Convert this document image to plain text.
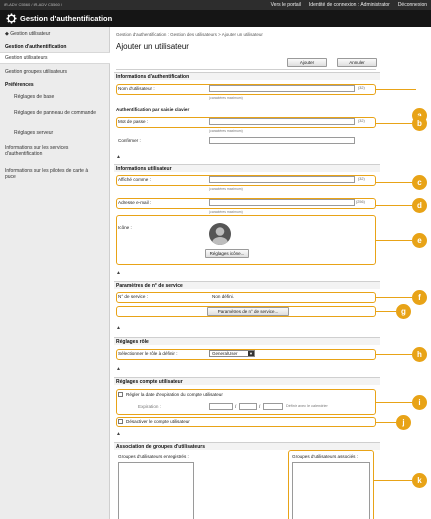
iR-ADV C5560 / iR-ADV C5560 /	Vers le portail Identité de connexion : Administrator Déconnexion
Gestion d'authentification
◆ Gestion utilisateur
Gestion d'authentification
Gestion utilisateurs
Gestion groupes utilisateurs
Préférences
Réglages de base
Réglages de panneau de commande
Réglages serveur
Informations sur les services d'authentification
Informations sur les pilotes de carte à puce
Gestion d'authentification : Gestion des utilisateurs > Ajouter un utilisateur
Ajouter un utilisateur
Ajouter	Annuler
Informations d'authentification
Nom d'utilisateur :	(32)
(caractères maximum)
Authentification par saisie clavier
Mot de passe :	(32)
(caractères maximum)
Confirmer :
▲
Informations utilisateur
Affiché comme :	(32)
(caractères maximum)
Adresse e-mail :	(256)
(caractères maximum)
Icône :
Réglages icône...
▲
Paramètres de n° de service
N° de service :	Non défini.
Paramètres de n° de service...
▲
Réglages rôle
Sélectionner le rôle à définir :	GeneralUser	▼
▲
Réglages compte utilisateur
Régler la date d'expiration du compte utilisateur
Expiration :	/	/	Définir avec le calendrier
Désactiver le compte utilisateur
▲
Association de groupes d'utilisateurs
Groupes d'utilisateurs enregistrés :	Groupes d'utilisateurs associés :
b
c
d
e
f
g
h
i
j
k
